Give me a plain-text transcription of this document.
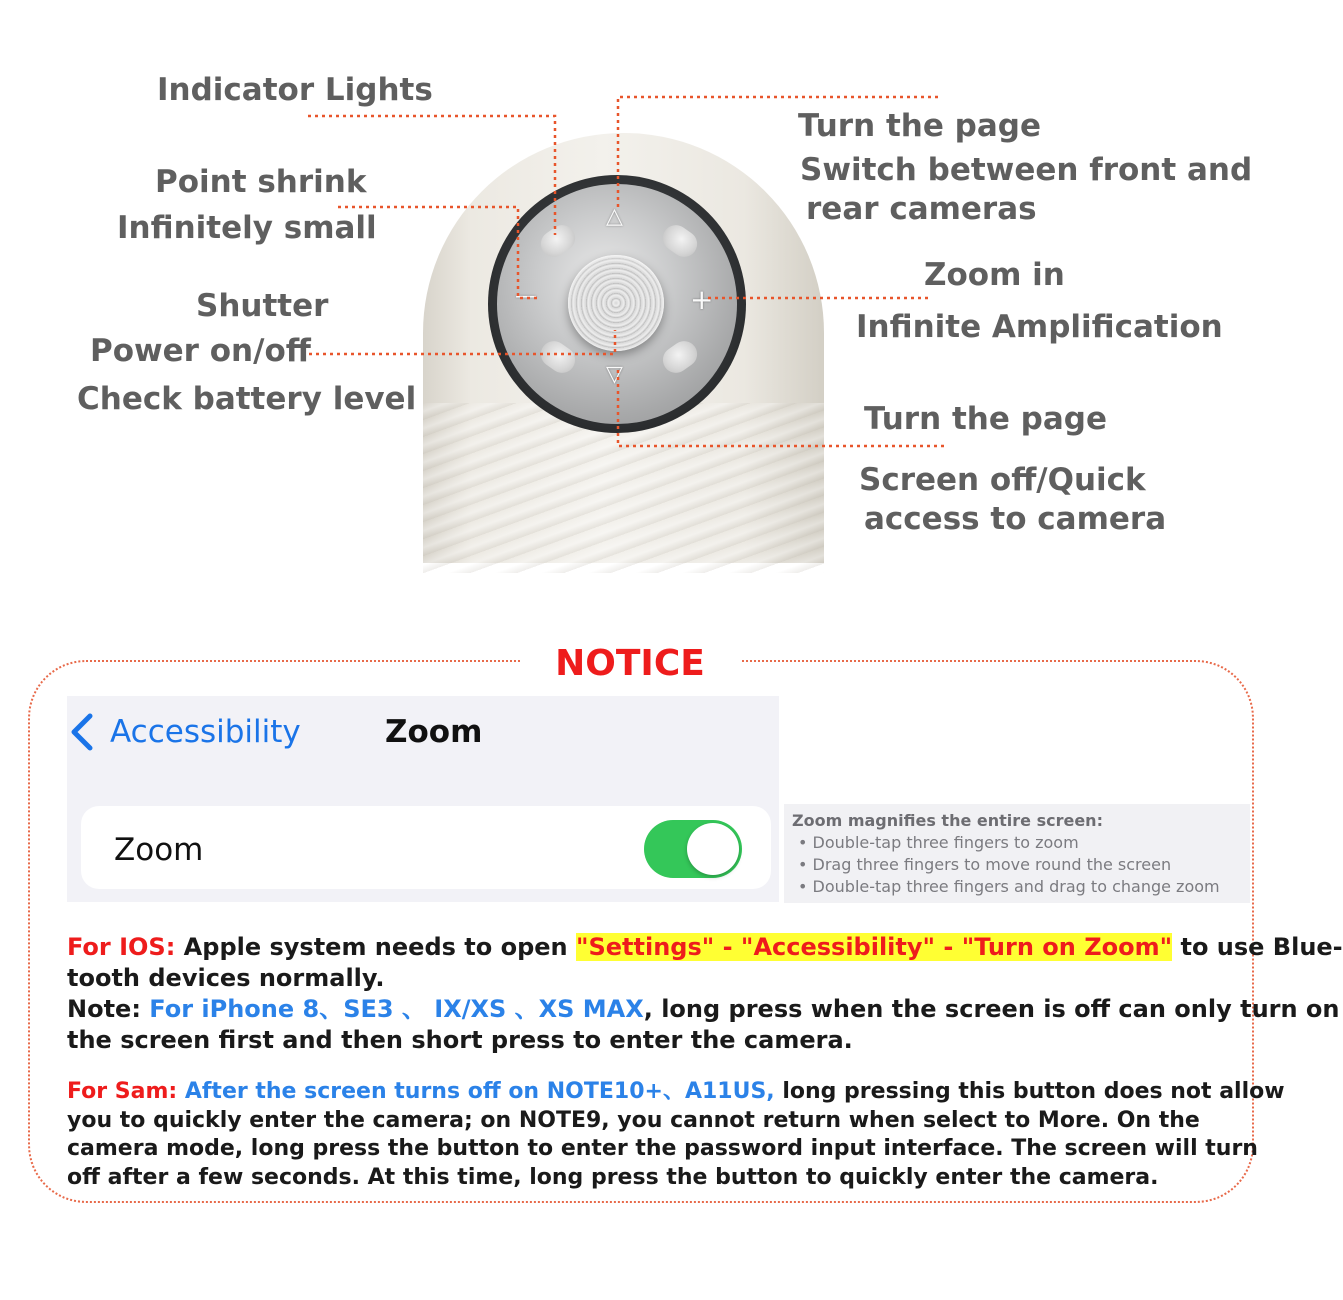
△
▽
—	+
Indicator Lights
Point shrink
Infinitely small
Shutter
Power on/off
Check battery level
Turn the page
Switch between front and
rear cameras
Zoom in
Infinite Amplification
Turn the page
Screen off/Quick
access to camera
NOTICE
Accessibility	Zoom
Zoom
Zoom magnifies the entire screen:
• Double-tap three fingers to zoom
• Drag three fingers to move round the screen
• Double-tap three fingers and drag to change zoom
For IOS: Apple system needs to open "Settings" - "Accessibility" - "Turn on Zoom" to use Blue-
tooth devices normally.
Note: For iPhone 8、SE3 、 IX/XS 、XS MAX, long press when the screen is off can only turn on
the screen first and then short press to enter the camera.
For Sam: After the screen turns off on NOTE10+、A11US, long pressing this button does not allow
you to quickly enter the camera; on NOTE9, you cannot return when select to More. On the
camera mode, long press the button to enter the password input interface. The screen will turn
off after a few seconds. At this time, long press the button to quickly enter the camera.
